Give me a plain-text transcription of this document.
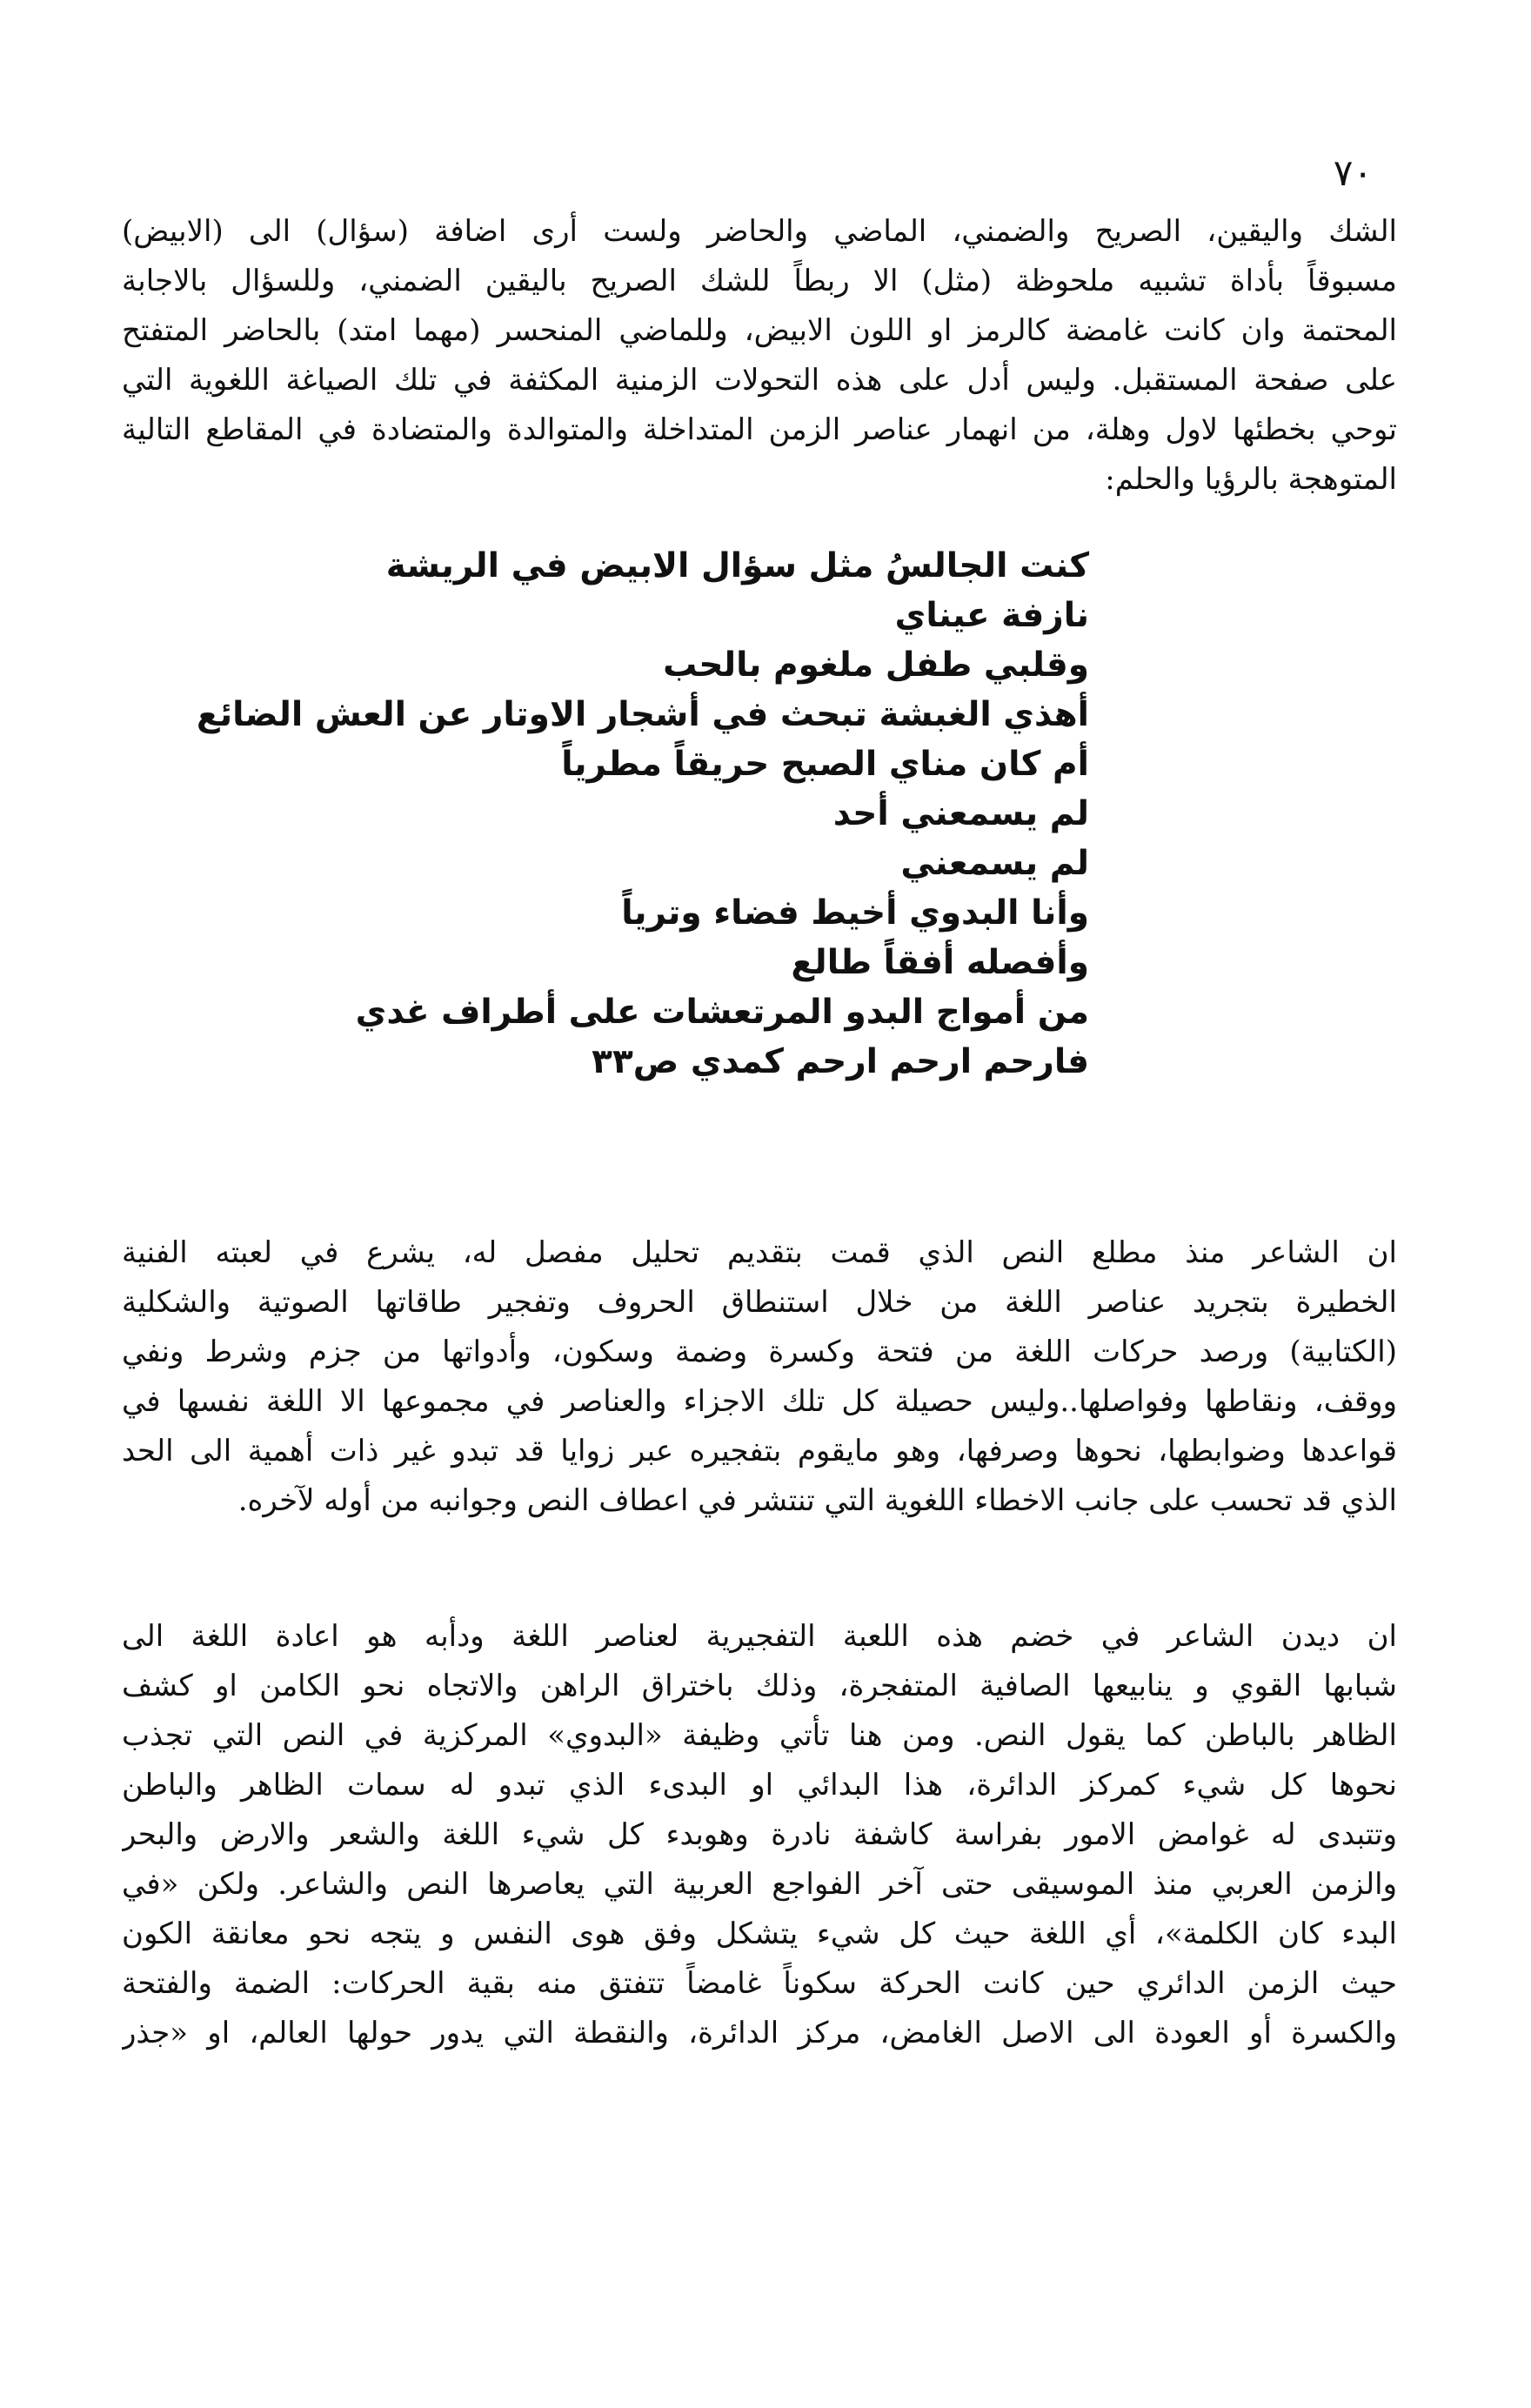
٧٠
الشك واليقين، الصريح والضمني، الماضي والحاضر ولست أرى اضافة (سؤال) الى (الابيض)
مسبوقاً بأداة تشبيه ملحوظة (مثل) الا ربطاً للشك الصريح باليقين الضمني، وللسؤال بالاجابة
المحتمة وان كانت غامضة كالرمز او اللون الابيض، وللماضي المنحسر (مهما امتد) بالحاضر المتفتح
على صفحة المستقبل. وليس أدل على هذه التحولات الزمنية المكثفة في تلك الصياغة اللغوية التي
توحي بخطئها لاول وهلة، من انهمار عناصر الزمن المتداخلة والمتوالدة والمتضادة في المقاطع التالية
المتوهجة بالرؤيا والحلم:
كنت الجالسُ مثل سؤال الابيض في الريشة
نازفة عيناي
وقلبي طفل ملغوم بالحب
أهذي الغبشة تبحث في أشجار الاوتار عن العش الضائع
أم كان مناي الصبح حريقاً مطرياً
لم يسمعني أحد
لم يسمعني
وأنا البدوي أخيط فضاء وترياً
وأفصله أفقاً طالع
من أمواج البدو المرتعشات على أطراف غدي
فارحم ارحم ارحم كمدي ص٣٣
ان الشاعر منذ مطلع النص الذي قمت بتقديم تحليل مفصل له، يشرع في لعبته الفنية
الخطيرة بتجريد عناصر اللغة من خلال استنطاق الحروف وتفجير طاقاتها الصوتية والشكلية
(الكتابية) ورصد حركات اللغة من فتحة وكسرة وضمة وسكون، وأدواتها من جزم وشرط ونفي
ووقف، ونقاطها وفواصلها..وليس حصيلة كل تلك الاجزاء والعناصر في مجموعها الا اللغة نفسها في
قواعدها وضوابطها، نحوها وصرفها، وهو مايقوم بتفجيره عبر زوايا قد تبدو غير ذات أهمية الى الحد
الذي قد تحسب على جانب الاخطاء اللغوية التي تنتشر في اعطاف النص وجوانبه من أوله لآخره.
ان ديدن الشاعر في خضم هذه اللعبة التفجيرية لعناصر اللغة ودأبه هو اعادة اللغة الى
شبابها القوي و ينابيعها الصافية المتفجرة، وذلك باختراق الراهن والاتجاه نحو الكامن او كشف
الظاهر بالباطن كما يقول النص. ومن هنا تأتي وظيفة «البدوي» المركزية في النص التي تجذب
نحوها كل شيء كمركز الدائرة، هذا البدائي او البدىء الذي تبدو له سمات الظاهر والباطن
وتتبدى له غوامض الامور بفراسة كاشفة نادرة وهوبدء كل شيء اللغة والشعر والارض والبحر
والزمن العربي منذ الموسيقى حتى آخر الفواجع العربية التي يعاصرها النص والشاعر. ولكن «في
البدء كان الكلمة»، أي اللغة حيث كل شيء يتشكل وفق هوى النفس و يتجه نحو معانقة الكون
حيث الزمن الدائري حين كانت الحركة سكوناً غامضاً تتفتق منه بقية الحركات: الضمة والفتحة
والكسرة أو العودة الى الاصل الغامض، مركز الدائرة، والنقطة التي يدور حولها العالم، او «جذر
